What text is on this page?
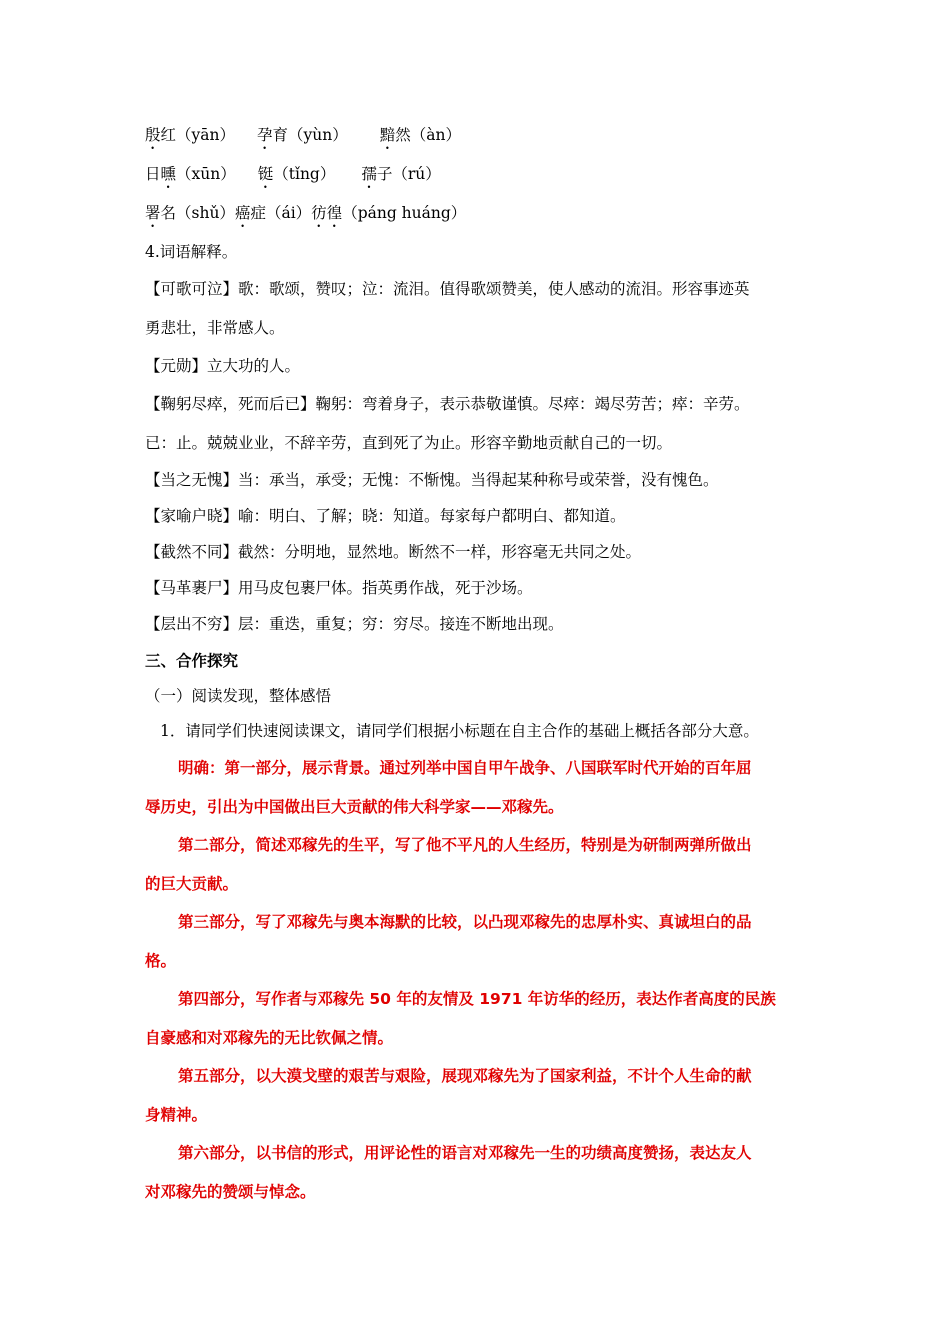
殷红（yān） 孕育（yùn） 黯然（àn）
日曛（xūn） 铤（tǐng） 孺子（rú）
署名（shǔ）癌症（ái）彷徨（páng huáng）
4.词语解释。
【可歌可泣】歌：歌颂，赞叹；泣：流泪。值得歌颂赞美，使人感动的流泪。形容事迹英
勇悲壮，非常感人。
【元勋】立大功的人。
【鞠躬尽瘁，死而后已】鞠躬：弯着身子，表示恭敬谨慎。尽瘁：竭尽劳苦；瘁：辛劳。
已：止。兢兢业业，不辞辛劳，直到死了为止。形容辛勤地贡献自己的一切。
【当之无愧】当：承当，承受；无愧：不惭愧。当得起某种称号或荣誉，没有愧色。
【家喻户晓】喻：明白、了解；晓：知道。每家每户都明白、都知道。
【截然不同】截然：分明地，显然地。断然不一样，形容毫无共同之处。
【马革裹尸】用马皮包裹尸体。指英勇作战，死于沙场。
【层出不穷】层：重迭，重复；穷：穷尽。接连不断地出现。
三、合作探究
（一）阅读发现，整体感悟
1．请同学们快速阅读课文，请同学们根据小标题在自主合作的基础上概括各部分大意。
明确：第一部分，展示背景。通过列举中国自甲午战争、八国联军时代开始的百年屈
辱历史，引出为中国做出巨大贡献的伟大科学家——邓稼先。
第二部分，简述邓稼先的生平，写了他不平凡的人生经历，特别是为研制两弹所做出
的巨大贡献。
第三部分，写了邓稼先与奥本海默的比较，以凸现邓稼先的忠厚朴实、真诚坦白的品
格。
第四部分，写作者与邓稼先 50 年的友情及 1971 年访华的经历，表达作者高度的民族
自豪感和对邓稼先的无比钦佩之情。
第五部分，以大漠戈壁的艰苦与艰险，展现邓稼先为了国家利益，不计个人生命的献
身精神。
第六部分，以书信的形式，用评论性的语言对邓稼先一生的功绩高度赞扬，表达友人
对邓稼先的赞颂与悼念。
